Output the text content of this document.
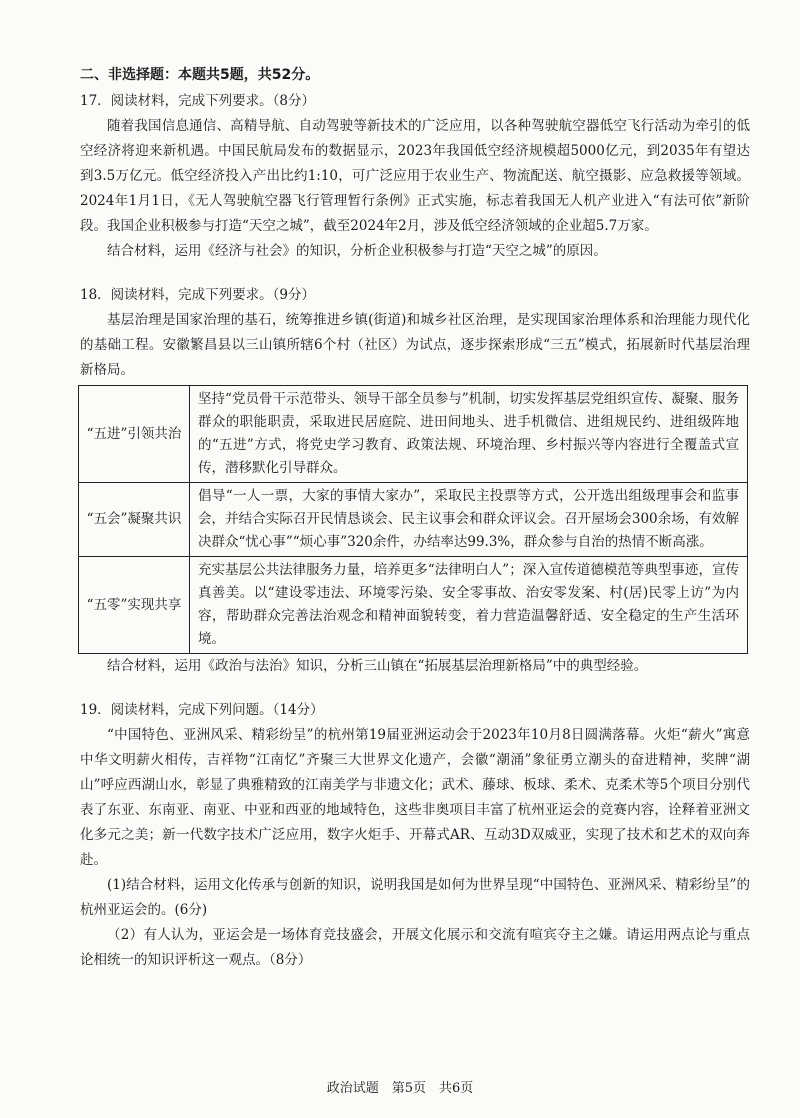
二、非选择题：本题共5题，共52分。
17．阅读材料，完成下列要求。（8分）

随着我国信息通信、高精导航、自动驾驶等新技术的广泛应用，以各种驾驶航空器低空飞行活动为牵引的低空经济将迎来新机遇。中国民航局发布的数据显示，2023年我国低空经济规模超5000亿元，到2035年有望达到3.5万亿元。低空经济投入产出比约1:10，可广泛应用于农业生产、物流配送、航空摄影、应急救援等领域。2024年1月1日，《无人驾驶航空器飞行管理暂行条例》正式实施，标志着我国无人机产业进入“有法可依”新阶段。我国企业积极参与打造“天空之城”，截至2024年2月，涉及低空经济领域的企业超5.7万家。

结合材料，运用《经济与社会》的知识，分析企业积极参与打造“天空之城”的原因。

18．阅读材料，完成下列要求。（9分）

基层治理是国家治理的基石，统筹推进乡镇(街道)和城乡社区治理，是实现国家治理体系和治理能力现代化的基础工程。安徽繁昌县以三山镇所辖6个村（社区）为试点，逐步探索形成“三五”模式，拓展新时代基层治理新格局。

“五进”引领共治	坚持“党员骨干示范带头、领导干部全员参与”机制，切实发挥基层党组织宣传、凝聚、服务群众的职能职责，采取进民居庭院、进田间地头、进手机微信、进组规民约、进组级阵地的“五进”方式，将党史学习教育、政策法规、环境治理、乡村振兴等内容进行全覆盖式宣传，潜移默化引导群众。
“五会”凝聚共识	倡导“一人一票，大家的事情大家办”，采取民主投票等方式，公开选出组级理事会和监事会，并结合实际召开民情恳谈会、民主议事会和群众评议会。召开屋场会300余场，有效解决群众“忧心事”“烦心事”320余件，办结率达99.3%，群众参与自治的热情不断高涨。
“五零”实现共享	充实基层公共法律服务力量，培养更多“法律明白人”；深入宣传道德模范等典型事迹，宣传真善美。以“建设零违法、环境零污染、安全零事故、治安零发案、村(居)民零上访”为内容，帮助群众完善法治观念和精神面貌转变，着力营造温馨舒适、安全稳定的生产生活环境。

结合材料，运用《政治与法治》知识，分析三山镇在“拓展基层治理新格局”中的典型经验。

19．阅读材料，完成下列问题。（14分）

“中国特色、亚洲风采、精彩纷呈”的杭州第19届亚洲运动会于2023年10月8日圆满落幕。火炬“薪火”寓意中华文明薪火相传，吉祥物“江南忆”齐聚三大世界文化遗产，会徽“潮涌”象征勇立潮头的奋进精神，奖牌“湖山”呼应西湖山水，彰显了典雅精致的江南美学与非遗文化；武术、藤球、板球、柔术、克柔术等5个项目分别代表了东亚、东南亚、南亚、中亚和西亚的地域特色，这些非奥项目丰富了杭州亚运会的竞赛内容，诠释着亚洲文化多元之美；新一代数字技术广泛应用，数字火炬手、开幕式AR、互动3D双威亚，实现了技术和艺术的双向奔赴。

(1)结合材料，运用文化传承与创新的知识，说明我国是如何为世界呈现“中国特色、亚洲风采、精彩纷呈”的杭州亚运会的。(6分)

（2）有人认为，亚运会是一场体育竞技盛会，开展文化展示和交流有喧宾夺主之嫌。请运用两点论与重点论相统一的知识评析这一观点。（8分）

政治试题　第5页　共6页
